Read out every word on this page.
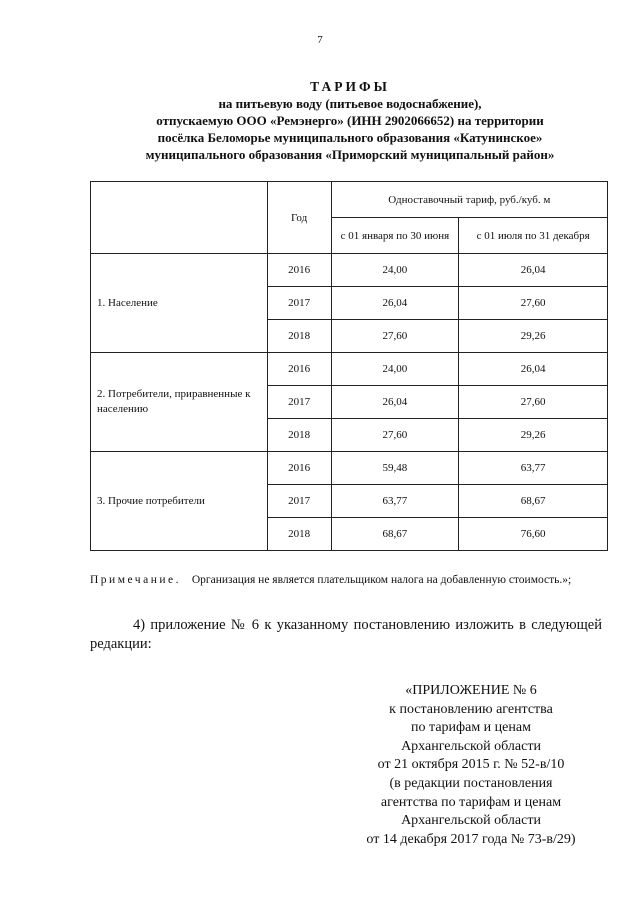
7
ТАРИФЫ
на питьевую воду (питьевое водоснабжение),
отпускаемую ООО «Ремэнерго» (ИНН 2902066652) на территории
посёлка Беломорье муниципального образования «Катунинское»
муниципального образования «Приморский муниципальный район»
	Год	Одноставочный тариф, руб./куб. м	
		с 01 января по 30 июня	с 01 июля по 31 декабря
1. Население	2016	24,00	26,04
	2017	26,04	27,60
	2018	27,60	29,26
2. Потребители, приравненные к населению	2016	24,00	26,04
	2017	26,04	27,60
	2018	27,60	29,26
3. Прочие потребители	2016	59,48	63,77
	2017	63,77	68,67
	2018	68,67	76,60
Примечание. Организация не является плательщиком налога на добавленную стоимость.»;
4) приложение № 6 к указанному постановлению изложить в следующей редакции:
«ПРИЛОЖЕНИЕ № 6
к постановлению агентства
по тарифам и ценам
Архангельской области
от 21 октября 2015 г. № 52-в/10
(в редакции постановления
агентства по тарифам и ценам
Архангельской области
от 14 декабря 2017 года № 73-в/29)
